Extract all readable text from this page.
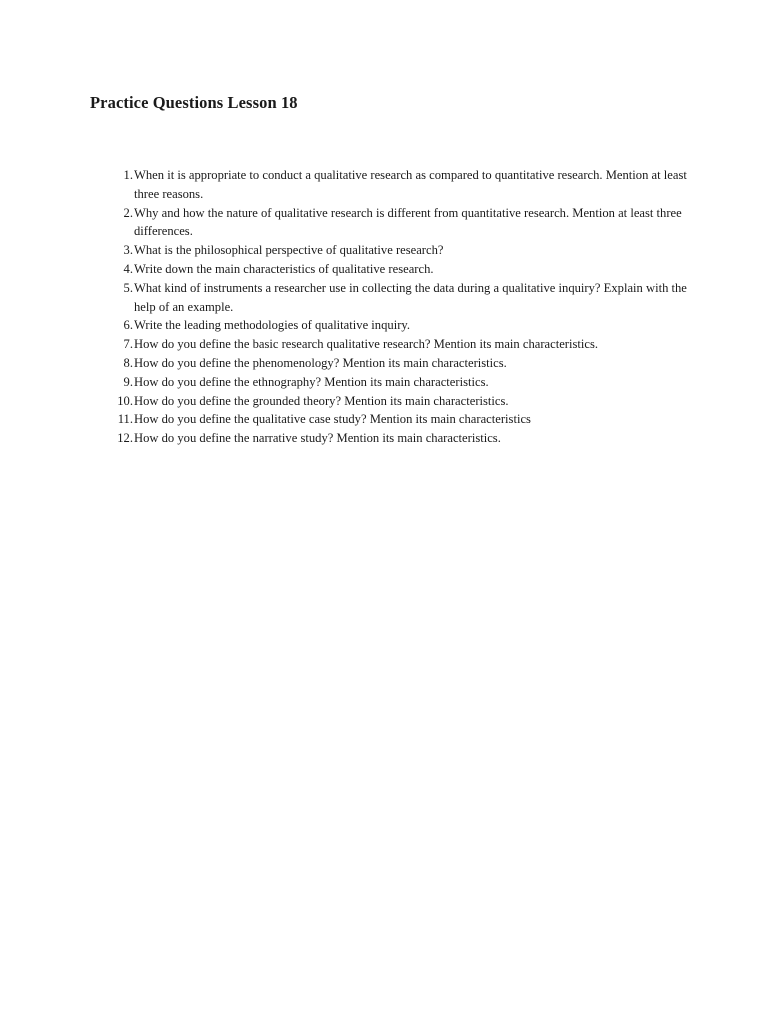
Practice Questions Lesson 18
1. When it is appropriate to conduct a qualitative research as compared to quantitative research. Mention at least three reasons.
2. Why and how the nature of qualitative research is different from quantitative research. Mention at least three differences.
3. What is the philosophical perspective of qualitative research?
4. Write down the main characteristics of qualitative research.
5. What kind of instruments a researcher use in collecting the data during a qualitative inquiry? Explain with the help of an example.
6. Write the leading methodologies of qualitative inquiry.
7. How do you define the basic research qualitative research? Mention its main characteristics.
8. How do you define the phenomenology? Mention its main characteristics.
9. How do you define the ethnography? Mention its main characteristics.
10. How do you define the grounded theory? Mention its main characteristics.
11. How do you define the qualitative case study? Mention its main characteristics
12. How do you define the narrative study? Mention its main characteristics.
